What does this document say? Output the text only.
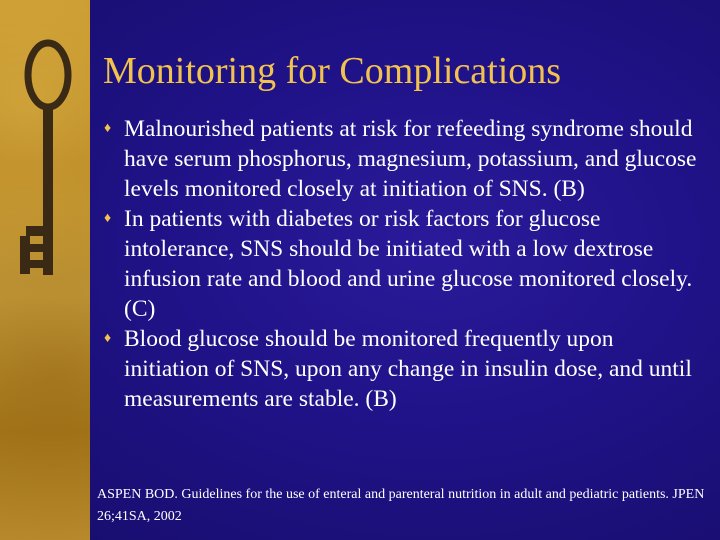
Monitoring for Complications
♦ Malnourished patients at risk for refeeding syndrome should have serum phosphorus, magnesium, potassium, and glucose levels monitored closely at initiation of SNS. (B)
♦ In patients with diabetes or risk factors for glucose intolerance, SNS should be initiated with a low dextrose infusion rate and blood and urine glucose monitored closely. (C)
♦ Blood glucose should be monitored frequently upon initiation of SNS, upon any change in insulin dose, and until measurements are stable. (B)
ASPEN BOD. Guidelines for the use of enteral and parenteral nutrition in adult and pediatric patients. JPEN 26;41SA, 2002
